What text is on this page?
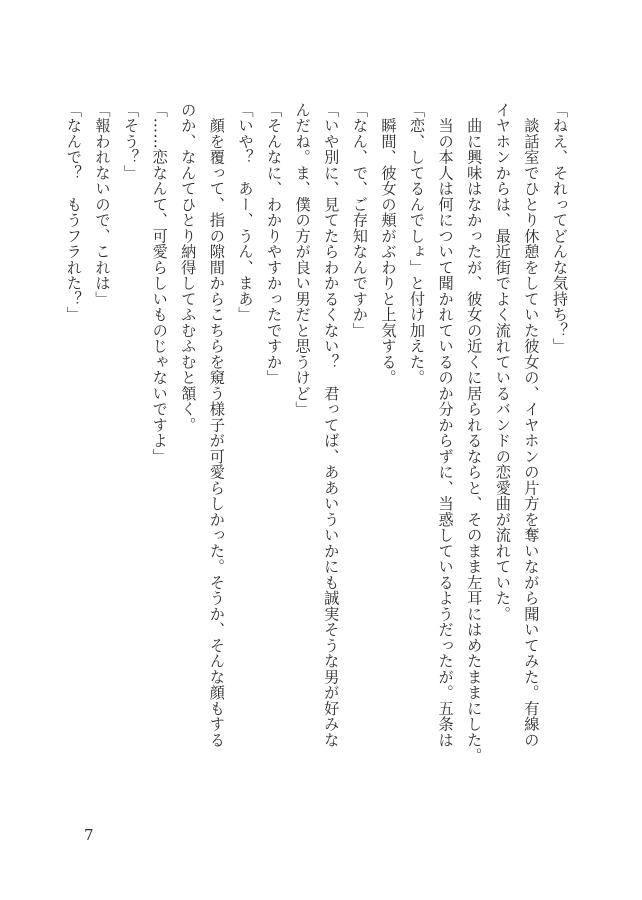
「ねえ、それってどんな気持ち？」

　談話室でひとり休憩をしていた彼女の、イヤホンの片方を奪いながら聞いてみた。有線の

イヤホンからは、最近街でよく流れているバンドの恋愛曲が流れていた。

　曲に興味はなかったが、彼女の近くに居られるならと、そのまま左耳にはめたままにした。

　当の本人は何について聞かれているのか分からずに、当惑しているようだったが。五条は

「恋、してるんでしょ」と付け加えた。

　瞬間、彼女の頬がぶわりと上気する。

「なん、で、ご存知なんですか」

「いや別に、見てたらわかるくない？　君ってば、ああいういかにも誠実そうな男が好みな

んだね。ま、僕の方が良い男だと思うけど」

「そんなに、わかりやすかったですか」

「いや？　あー、うん、まあ」

　顔を覆って、指の隙間からこちらを窺う様子が可愛らしかった。そうか、そんな顔もする

のか、なんてひとり納得してふむふむと頷く。

「……恋なんて、可愛らしいものじゃないですよ」

「そう？」

「報われないので、これは」

「なんで？　もうフラれた？」

7
